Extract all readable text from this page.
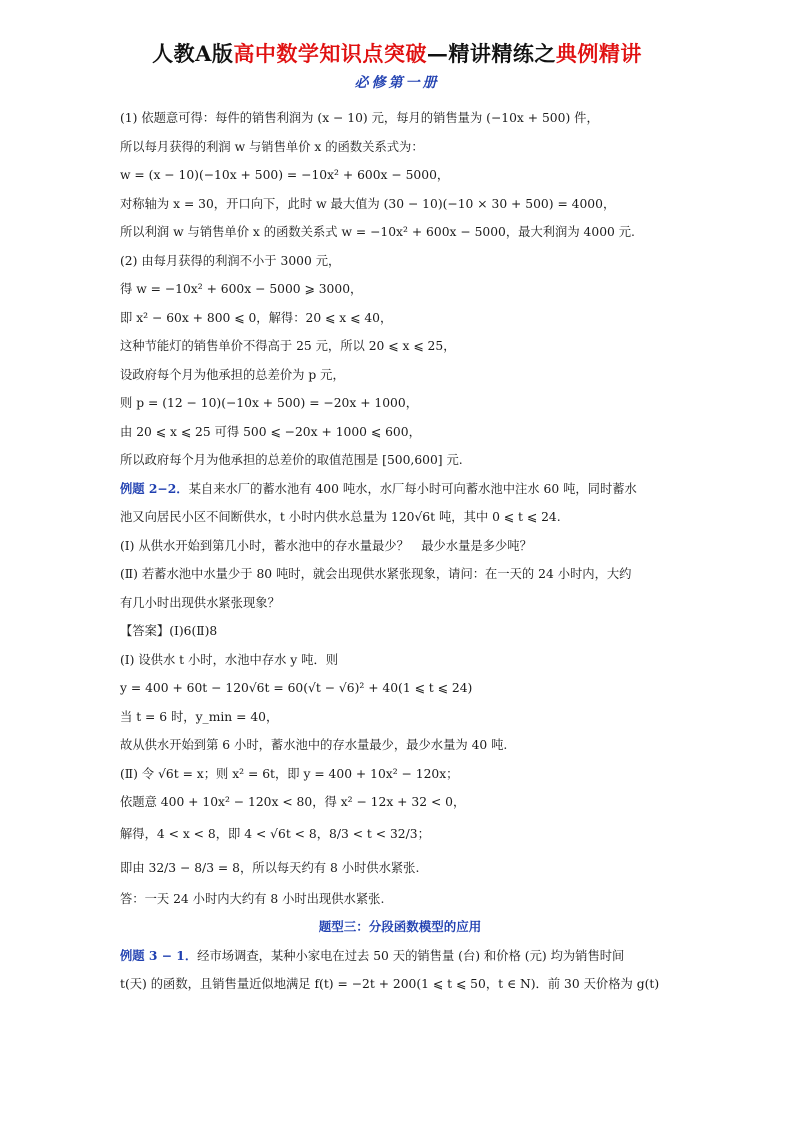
人教A版高中数学知识点突破—精讲精练之典例精讲
必修第一册
(1) 依题意可得：每件的销售利润为 (x − 10) 元，每月的销售量为 (−10x + 500) 件，
所以每月获得的利润 w 与销售单价 x 的函数关系式为：
w = (x − 10)(−10x + 500) = −10x² + 600x − 5000，
对称轴为 x = 30，开口向下，此时 w 最大值为 (30 − 10)(−10 × 30 + 500) = 4000，
所以利润 w 与销售单价 x 的函数关系式 w = −10x² + 600x − 5000，最大利润为 4000 元.
(2) 由每月获得的利润不小于 3000 元，
得 w = −10x² + 600x − 5000 ⩾ 3000，
即 x² − 60x + 800 ⩽ 0，解得：20 ⩽ x ⩽ 40，
这种节能灯的销售单价不得高于 25 元，所以 20 ⩽ x ⩽ 25，
设政府每个月为他承担的总差价为 p 元，
则 p = (12 − 10)(−10x + 500) = −20x + 1000，
由 20 ⩽ x ⩽ 25 可得 500 ⩽ −20x + 1000 ⩽ 600，
所以政府每个月为他承担的总差价的取值范围是 [500,600] 元.
例题 2−2．某自来水厂的蓄水池有 400 吨水，水厂每小时可向蓄水池中注水 60 吨，同时蓄水
池又向居民小区不间断供水，t 小时内供水总量为 120√6t 吨，其中 0 ⩽ t ⩽ 24.
(Ⅰ) 从供水开始到第几小时，蓄水池中的存水量最少？　最少水量是多少吨？
(Ⅱ) 若蓄水池中水量少于 80 吨时，就会出现供水紧张现象，请问：在一天的 24 小时内，大约
有几小时出现供水紧张现象？
【答案】(Ⅰ)6(Ⅱ)8
(Ⅰ) 设供水 t 小时，水池中存水 y 吨．则
y = 400 + 60t − 120√6t = 60(√t − √6)² + 40(1 ⩽ t ⩽ 24)
当 t = 6 时，y_min = 40，
故从供水开始到第 6 小时，蓄水池中的存水量最少，最少水量为 40 吨.
(Ⅱ) 令 √6t = x；则 x² = 6t，即 y = 400 + 10x² − 120x；
依题意 400 + 10x² − 120x < 80，得 x² − 12x + 32 < 0，
解得，4 < x < 8，即 4 < √6t < 8，8/3 < t < 32/3；
即由 32/3 − 8/3 = 8，所以每天约有 8 小时供水紧张.
答：一天 24 小时内大约有 8 小时出现供水紧张.
题型三：分段函数模型的应用
例题 3 − 1．经市场调查，某种小家电在过去 50 天的销售量 (台) 和价格 (元) 均为销售时间
t(天) 的函数，且销售量近似地满足 f(t) = −2t + 200(1 ⩽ t ⩽ 50，t ∈ N)．前 30 天价格为 g(t)
